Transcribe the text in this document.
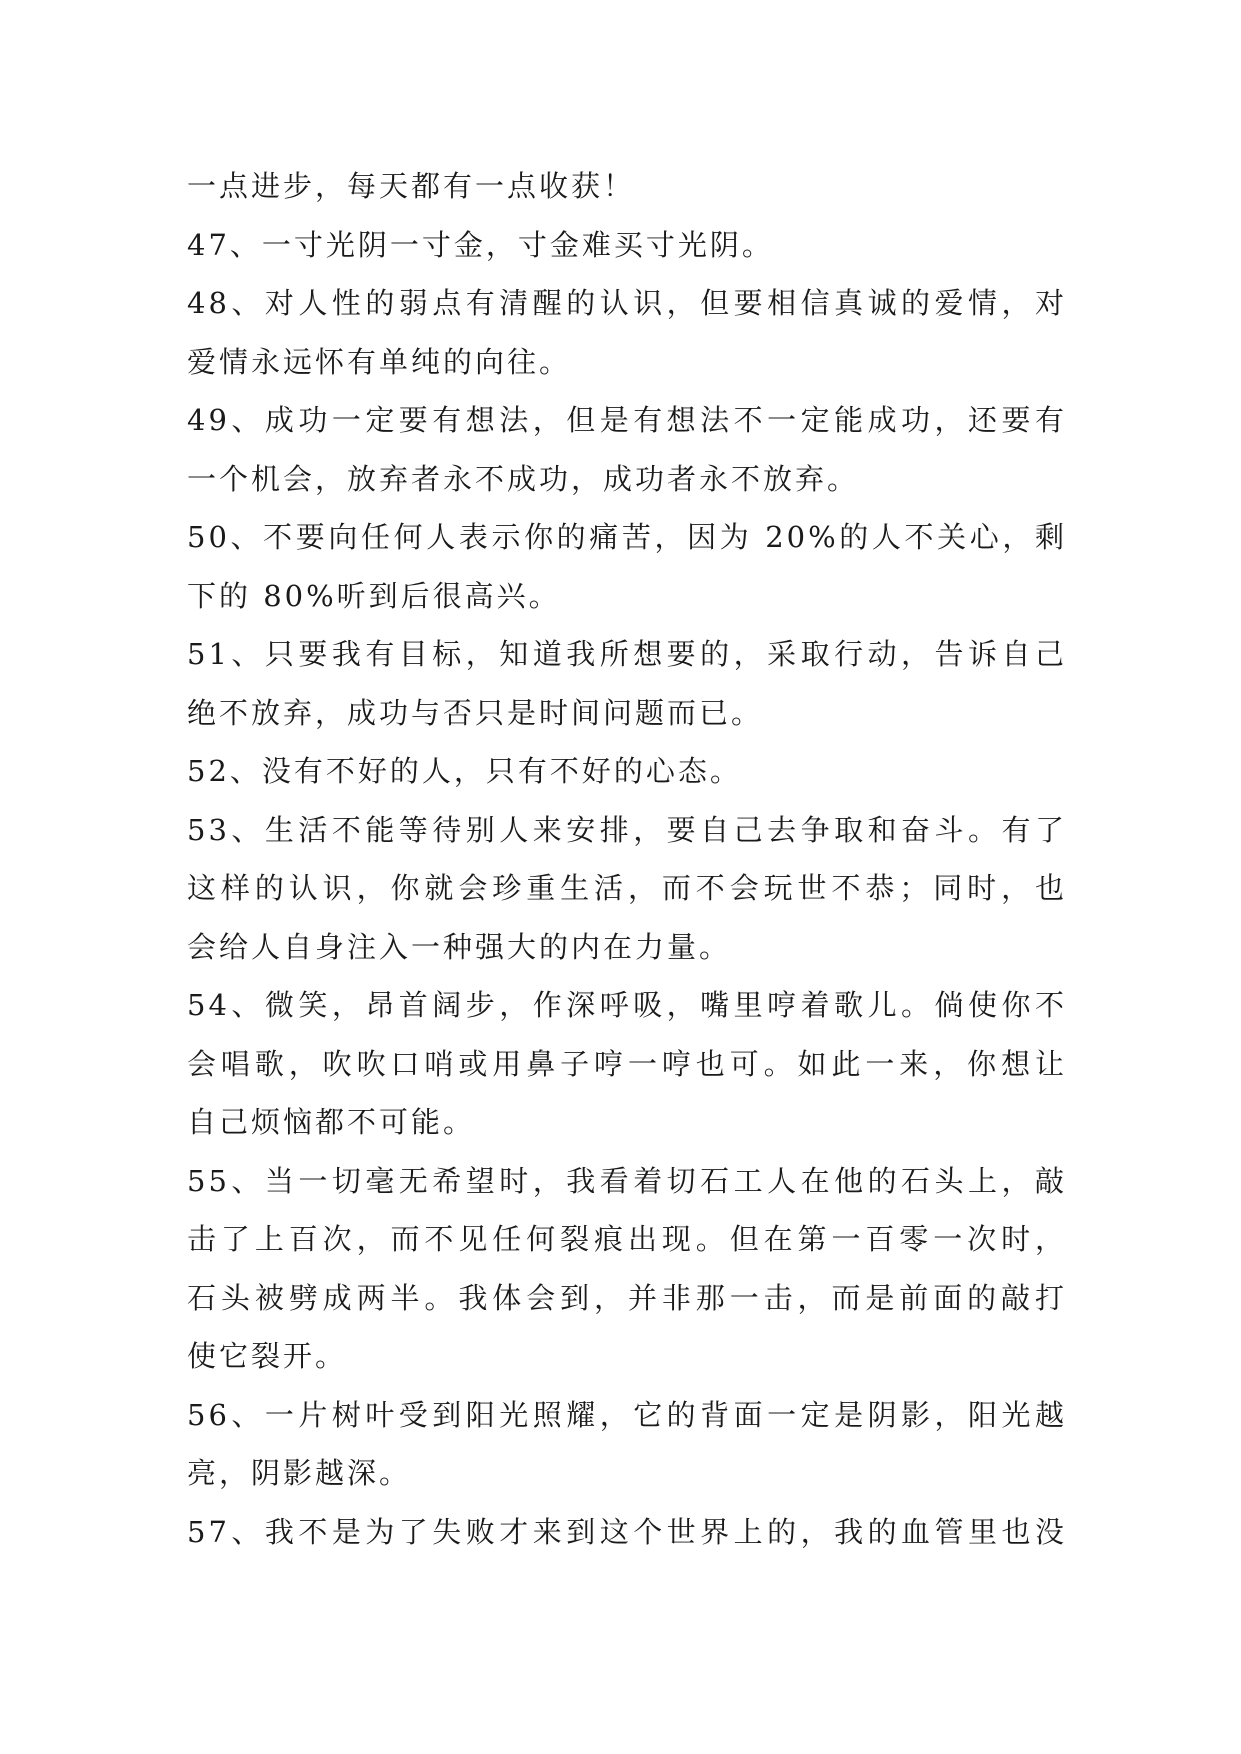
一点进步，每天都有一点收获！
47、一寸光阴一寸金，寸金难买寸光阴。
48、对人性的弱点有清醒的认识，但要相信真诚的爱情，对
爱情永远怀有单纯的向往。
49、成功一定要有想法，但是有想法不一定能成功，还要有
一个机会，放弃者永不成功，成功者永不放弃。
50、不要向任何人表示你的痛苦，因为 20%的人不关心，剩
下的 80%听到后很高兴。
51、只要我有目标，知道我所想要的，采取行动，告诉自己
绝不放弃，成功与否只是时间问题而已。
52、没有不好的人，只有不好的心态。
53、生活不能等待别人来安排，要自己去争取和奋斗。有了
这样的认识，你就会珍重生活，而不会玩世不恭；同时，也
会给人自身注入一种强大的内在力量。
54、微笑，昂首阔步，作深呼吸，嘴里哼着歌儿。倘使你不
会唱歌，吹吹口哨或用鼻子哼一哼也可。如此一来，你想让
自己烦恼都不可能。
55、当一切毫无希望时，我看着切石工人在他的石头上，敲
击了上百次，而不见任何裂痕出现。但在第一百零一次时，
石头被劈成两半。我体会到，并非那一击，而是前面的敲打
使它裂开。
56、一片树叶受到阳光照耀，它的背面一定是阴影，阳光越
亮，阴影越深。
57、我不是为了失败才来到这个世界上的，我的血管里也没
